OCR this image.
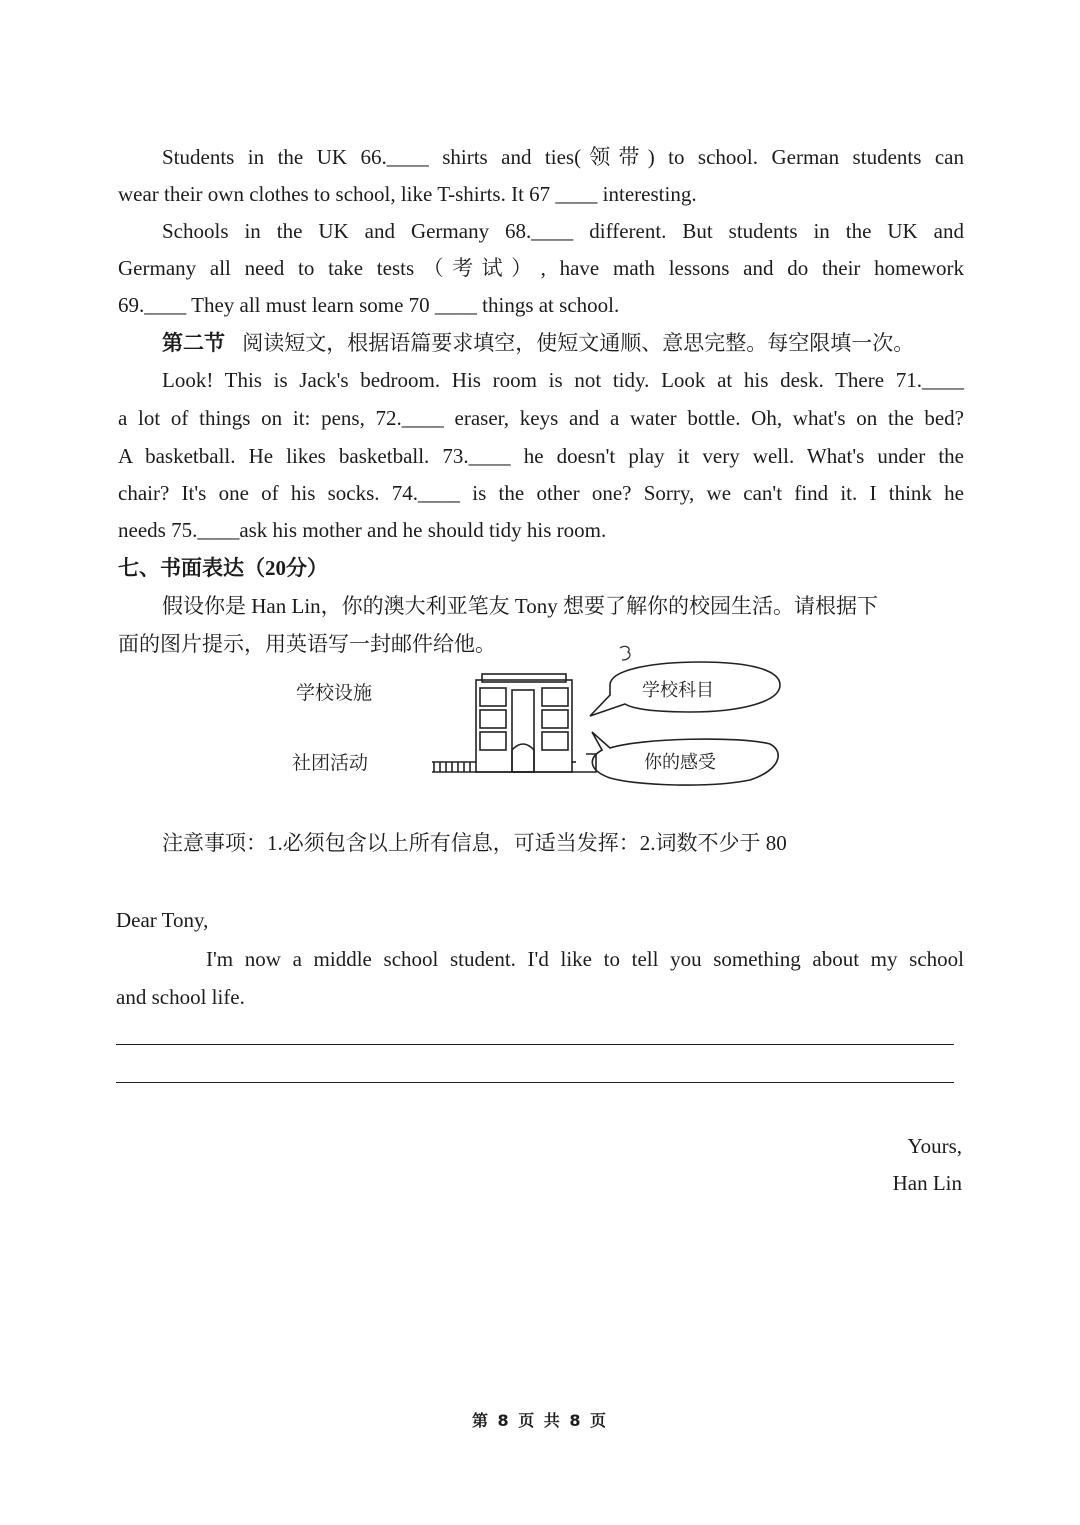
Students in the UK 66.____ shirts and ties(领带) to school. German students can
wear their own clothes to school, like T-shirts. It 67 ____ interesting.
Schools in the UK and Germany 68.____ different. But students in the UK and
Germany all need to take tests（考试）, have math lessons and do their homework
69.____ They all must learn some 70 ____ things at school.
第二节 阅读短文，根据语篇要求填空，使短文通顺、意思完整。每空限填一次。
Look! This is Jack's bedroom. His room is not tidy. Look at his desk. There 71.____
a lot of things on it: pens, 72.____ eraser, keys and a water bottle. Oh, what's on the bed?
A basketball. He likes basketball. 73.____ he doesn't play it very well. What's under the
chair? It's one of his socks. 74.____ is the other one? Sorry, we can't find it. I think he
needs 75.____ask his mother and he should tidy his room.
七、书面表达（20分）
假设你是 Han Lin，你的澳大利亚笔友 Tony 想要了解你的校园生活。请根据下
面的图片提示，用英语写一封邮件给他。
学校设施
社团活动
学校科目
你的感受
注意事项：1.必须包含以上所有信息，可适当发挥：2.词数不少于 80
Dear Tony,
I'm now a middle school student. I'd like to tell you something about my school
and school life.
Yours,
Han Lin
第 8 页 共 8 页
